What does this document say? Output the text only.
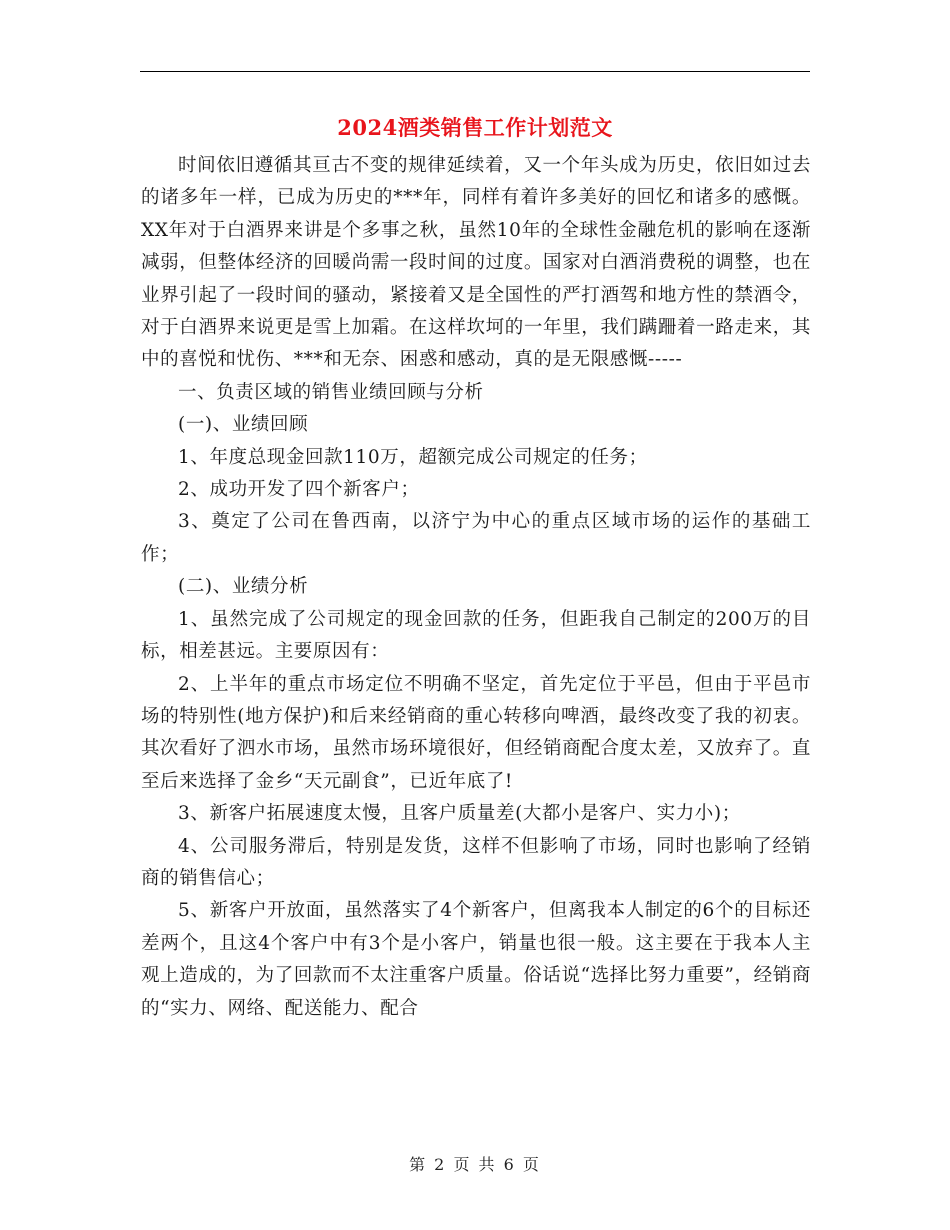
2024酒类销售工作计划范文

时间依旧遵循其亘古不变的规律延续着，又一个年头成为历史，依旧如过去的诸多年一样，已成为历史的***年，同样有着许多美好的回忆和诸多的感慨。XX年对于白酒界来讲是个多事之秋，虽然10年的全球性金融危机的影响在逐渐减弱，但整体经济的回暖尚需一段时间的过度。国家对白酒消费税的调整，也在业界引起了一段时间的骚动，紧接着又是全国性的严打酒驾和地方性的禁酒令，对于白酒界来说更是雪上加霜。在这样坎坷的一年里，我们蹒跚着一路走来，其中的喜悦和忧伤、***和无奈、困惑和感动，真的是无限感慨-----

一、负责区域的销售业绩回顾与分析

(一)、业绩回顾

1、年度总现金回款110万，超额完成公司规定的任务；

2、成功开发了四个新客户；

3、奠定了公司在鲁西南，以济宁为中心的重点区域市场的运作的基础工作；

(二)、业绩分析

1、虽然完成了公司规定的现金回款的任务，但距我自己制定的200万的目标，相差甚远。主要原因有：

2、上半年的重点市场定位不明确不坚定，首先定位于平邑，但由于平邑市场的特别性(地方保护)和后来经销商的重心转移向啤酒，最终改变了我的初衷。其次看好了泗水市场，虽然市场环境很好，但经销商配合度太差，又放弃了。直至后来选择了金乡“天元副食”，已近年底了!

3、新客户拓展速度太慢，且客户质量差(大都小是客户、实力小)；

4、公司服务滞后，特别是发货，这样不但影响了市场，同时也影响了经销商的销售信心；

5、新客户开放面，虽然落实了4个新客户，但离我本人制定的6个的目标还差两个，且这4个客户中有3个是小客户，销量也很一般。这主要在于我本人主观上造成的，为了回款而不太注重客户质量。俗话说“选择比努力重要”，经销商的“实力、网络、配送能力、配合

第 2 页 共 6 页
